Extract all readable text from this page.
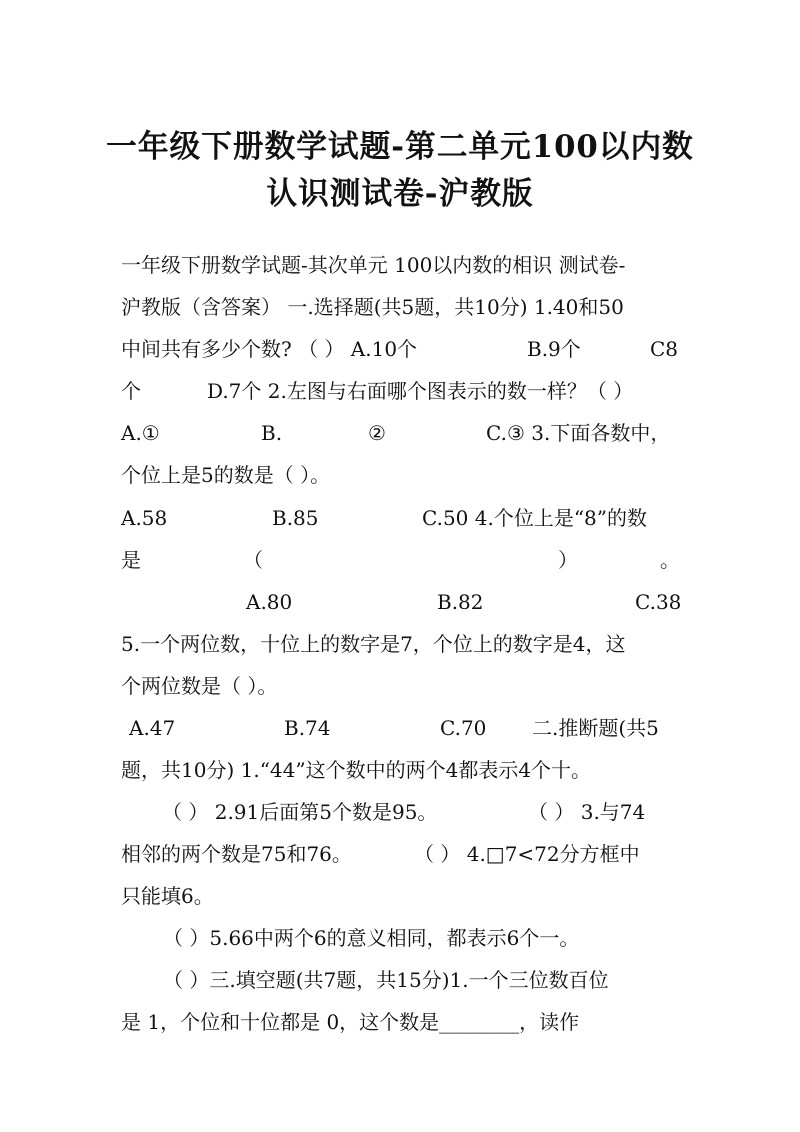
一年级下册数学试题-第二单元100以内数
认识测试卷-沪教版
一年级下册数学试题-其次单元 100以内数的相识 测试卷-
沪教版（含答案） 一.选择题(共5题，共10分) 1.40和50
中间共有多少个数? （ ） A.10个	B.9个	C8
个	D.7个 2.左图与右面哪个图表示的数一样？（ ）
A.①	B.	②	C.③ 3.下面各数中，
个位上是5的数是（ ）。
A.58	B.85	C.50 4.个位上是“8”的数
是	（	）	。
A.80	B.82	C.38
5.一个两位数，十位上的数字是7，个位上的数字是4，这
个两位数是（ ）。
A.47	B.74	C.70 二.推断题(共5
题，共10分) 1.“44”这个数中的两个4都表示4个十。
（ ） 2.91后面第5个数是95。	（ ） 3.与74
相邻的两个数是75和76。	（ ） 4.□7<72分方框中
只能填6。
（ ）5.66中两个6的意义相同，都表示6个一。
（ ）三.填空题(共7题，共15分)1.一个三位数百位
是 1，个位和十位都是 0，这个数是________，读作
